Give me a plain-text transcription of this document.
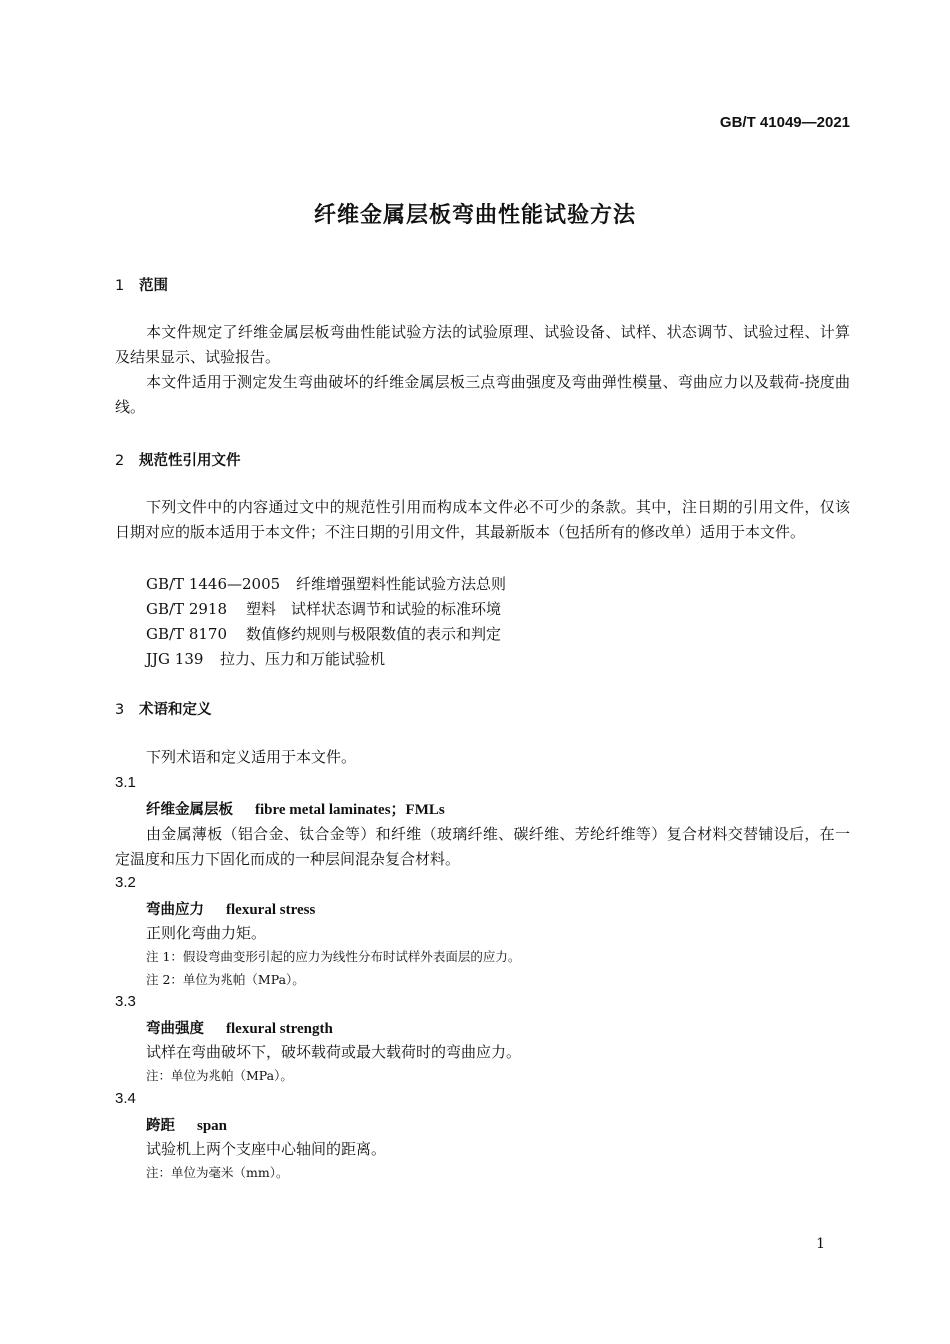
GB/T 41049—2021
纤维金属层板弯曲性能试验方法
1 范围
本文件规定了纤维金属层板弯曲性能试验方法的试验原理、试验设备、试样、状态调节、试验过程、计算及结果显示、试验报告。
本文件适用于测定发生弯曲破坏的纤维金属层板三点弯曲强度及弯曲弹性模量、弯曲应力以及载荷-挠度曲线。
2 规范性引用文件
下列文件中的内容通过文中的规范性引用而构成本文件必不可少的条款。其中，注日期的引用文件，仅该日期对应的版本适用于本文件；不注日期的引用文件，其最新版本（包括所有的修改单）适用于本文件。
GB/T 1446—2005 纤维增强塑料性能试验方法总则
GB/T 2918 塑料　试样状态调节和试验的标准环境
GB/T 8170 数值修约规则与极限数值的表示和判定
JJG 139 拉力、压力和万能试验机
3 术语和定义
下列术语和定义适用于本文件。
3.1
纤维金属层板 fibre metal laminates；FMLs
由金属薄板（铝合金、钛合金等）和纤维（玻璃纤维、碳纤维、芳纶纤维等）复合材料交替铺设后，在一定温度和压力下固化而成的一种层间混杂复合材料。
3.2
弯曲应力 flexural stress
正则化弯曲力矩。
注 1：假设弯曲变形引起的应力为线性分布时试样外表面层的应力。
注 2：单位为兆帕（MPa）。
3.3
弯曲强度 flexural strength
试样在弯曲破坏下，破坏载荷或最大载荷时的弯曲应力。
注：单位为兆帕（MPa）。
3.4
跨距 span
试验机上两个支座中心轴间的距离。
注：单位为毫米（mm）。
1
